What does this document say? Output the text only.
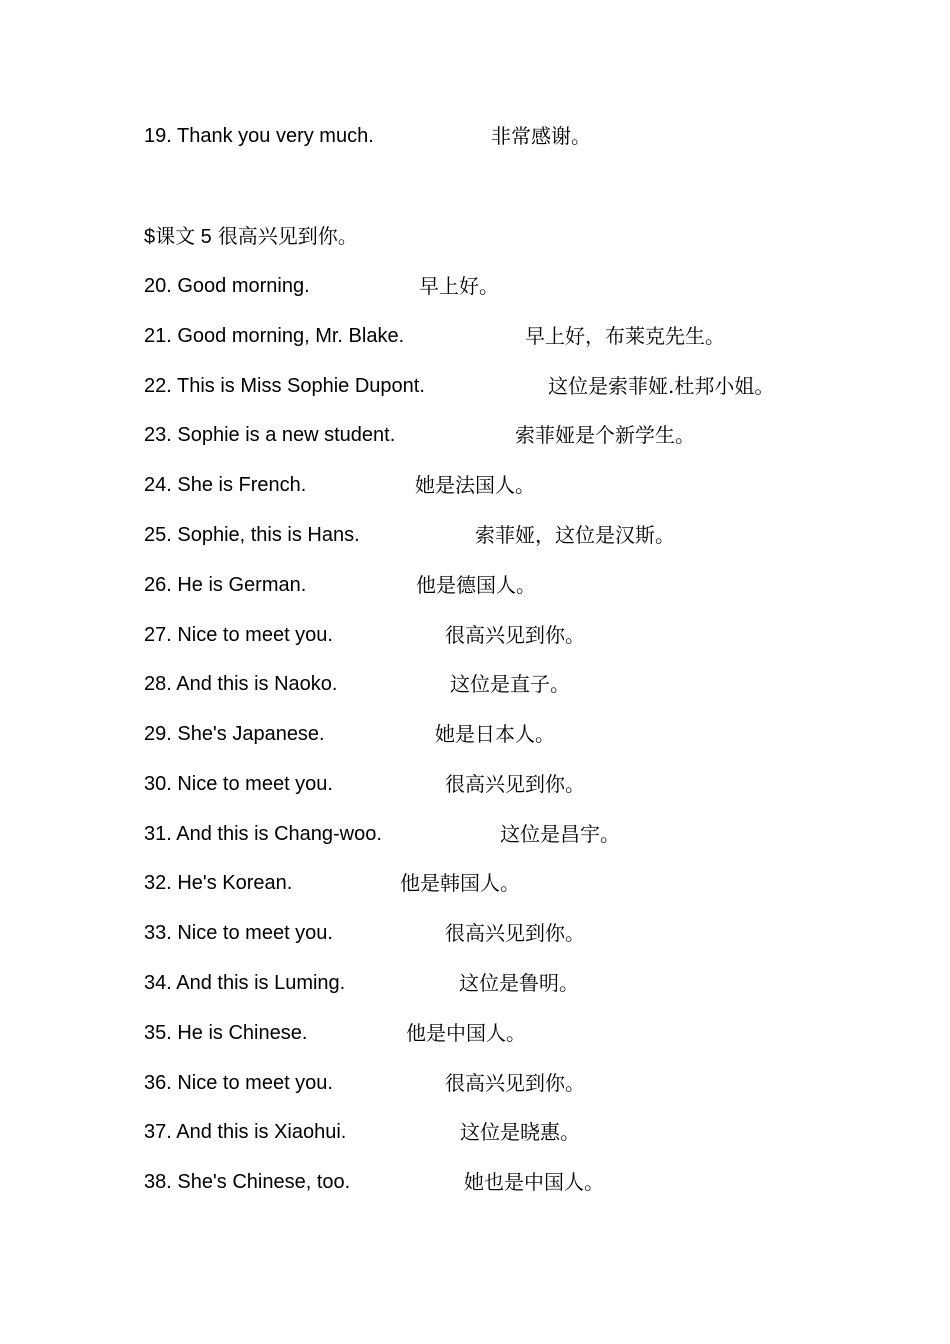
19. Thank you very much.	非常感谢。
$课文 5 很高兴见到你。
20. Good morning.	早上好。
21. Good morning, Mr. Blake.	早上好，布莱克先生。
22. This is Miss Sophie Dupont.	这位是索菲娅.杜邦小姐。
23. Sophie is a new student.	索菲娅是个新学生。
24. She is French.	她是法国人。
25. Sophie, this is Hans.	索菲娅，这位是汉斯。
26. He is German.	他是德国人。
27. Nice to meet you.	很高兴见到你。
28. And this is Naoko.	这位是直子。
29. She's Japanese.	她是日本人。
30. Nice to meet you.	很高兴见到你。
31. And this is Chang-woo.	这位是昌宇。
32. He's Korean.	他是韩国人。
33. Nice to meet you.	很高兴见到你。
34. And this is Luming.	这位是鲁明。
35. He is Chinese.	他是中国人。
36. Nice to meet you.	很高兴见到你。
37. And this is Xiaohui.	这位是晓惠。
38. She's Chinese, too.	她也是中国人。
